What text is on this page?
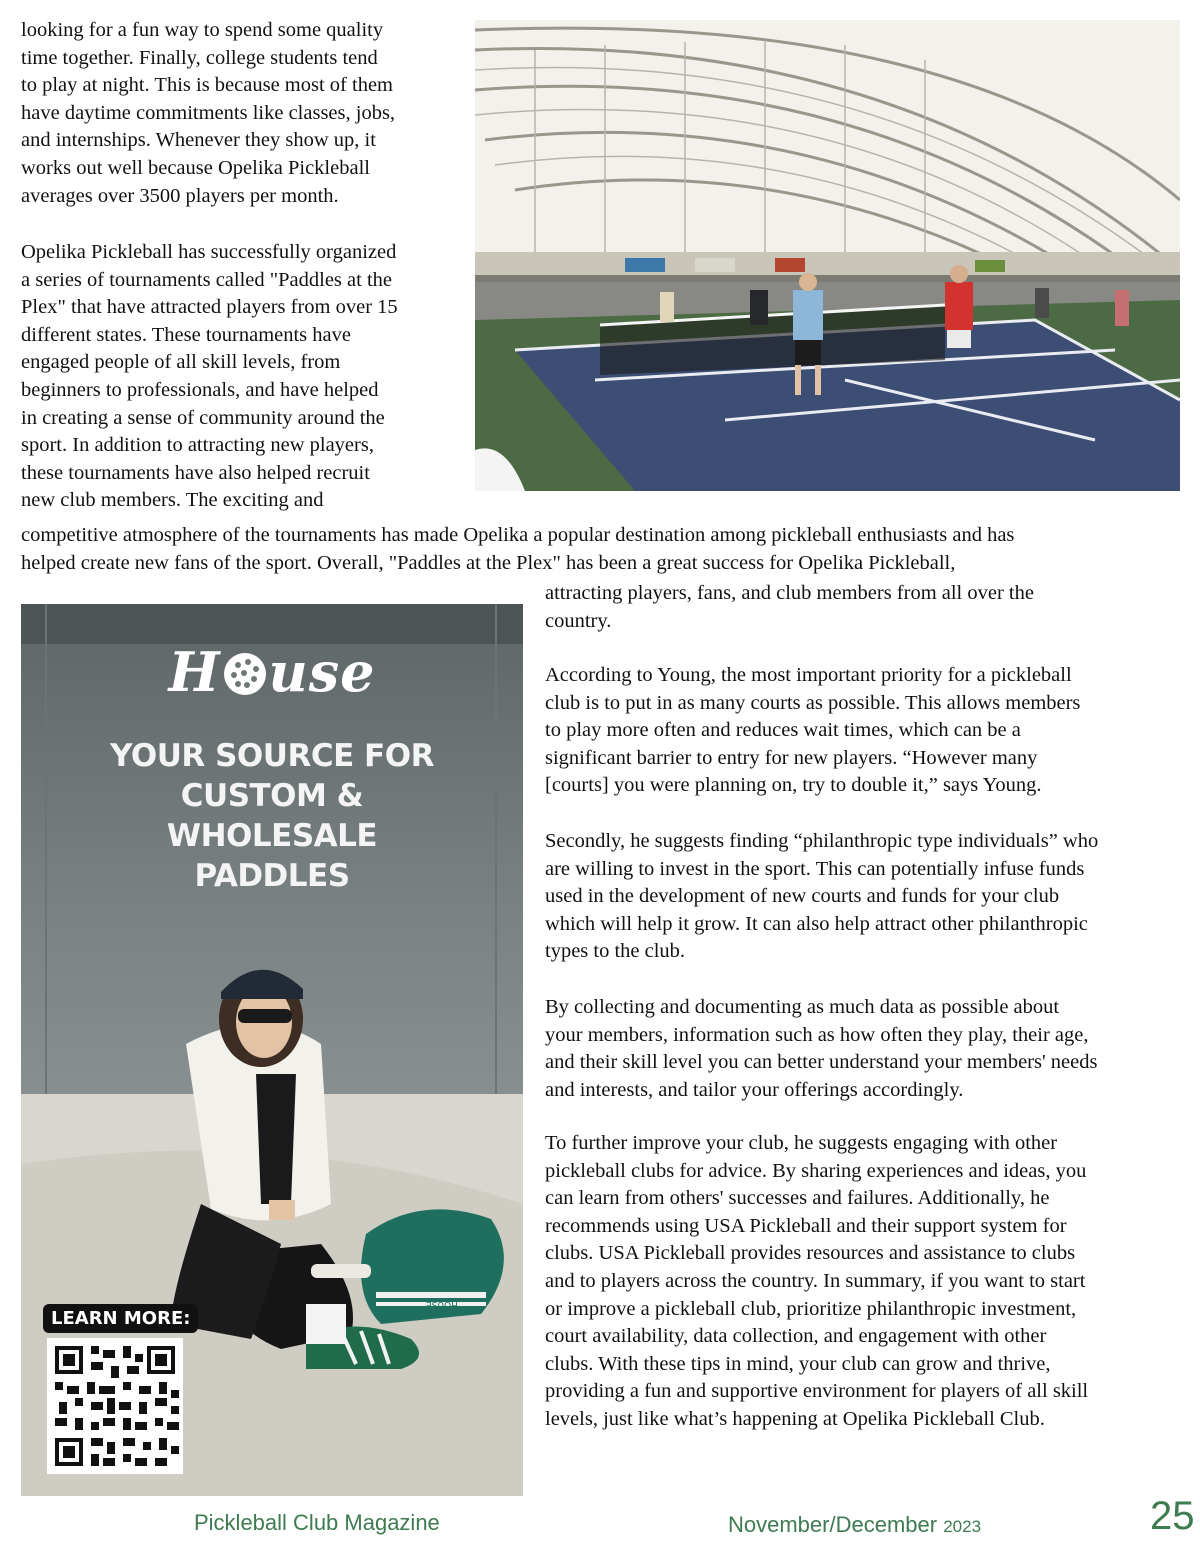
looking for a fun way to spend some quality
time together. Finally, college students tend
to play at night. This is because most of them
have daytime commitments like classes, jobs,
and internships. Whenever they show up, it
works out well because Opelika Pickleball
averages over 3500 players per month.
Opelika Pickleball has successfully organized
a series of tournaments called "Paddles at the
Plex" that have attracted players from over 15
different states. These tournaments have
engaged people of all skill levels, from
beginners to professionals, and have helped
in creating a sense of community around the
sport. In addition to attracting new players,
these tournaments have also helped recruit
new club members. The exciting and
competitive atmosphere of the tournaments has made Opelika a popular destination among pickleball enthusiasts and has
helped create new fans of the sport. Overall, "Paddles at the Plex" has been a great success for Opelika Pickleball,
attracting players, fans, and club members from all over the
country.
According to Young, the most important priority for a pickleball
club is to put in as many courts as possible. This allows members
to play more often and reduces wait times, which can be a
significant barrier to entry for new players. “However many
[courts] you were planning on, try to double it,” says Young.
Secondly, he suggests finding “philanthropic type individuals” who
are willing to invest in the sport. This can potentially infuse funds
used in the development of new courts and funds for your club
which will help it grow. It can also help attract other philanthropic
types to the club.
By collecting and documenting as much data as possible about
your members, information such as how often they play, their age,
and their skill level you can better understand your members' needs
and interests, and tailor your offerings accordingly.
To further improve your club, he suggests engaging with other
pickleball clubs for advice. By sharing experiences and ideas, you
can learn from others' successes and failures. Additionally, he
recommends using USA Pickleball and their support system for
clubs. USA Pickleball provides resources and assistance to clubs
and to players across the country. In summary, if you want to start
or improve a pickleball club, prioritize philanthropic investment,
court availability, data collection, and engagement with other
clubs. With these tips in mind, your club can grow and thrive,
providing a fun and supportive environment for players of all skill
levels, just like what’s happening at Opelika Pickleball Club.
H use
YOUR SOURCE FOR
CUSTOM &
WHOLESALE
PADDLES
HOUSE
LEARN MORE:
Pickleball Club Magazine	November/December 2023	25
